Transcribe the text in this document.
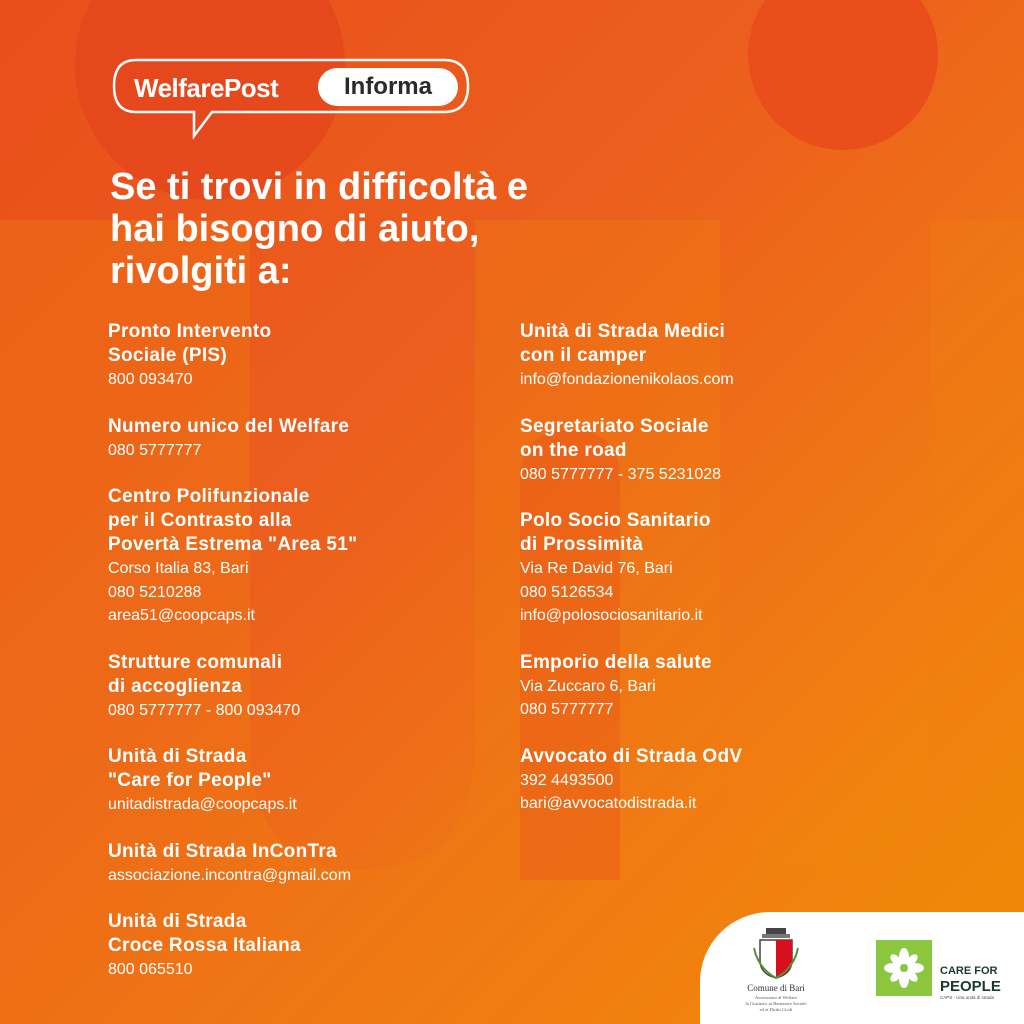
WelfarePost	Informa
Se ti trovi in difficoltà e
hai bisogno di aiuto,
rivolgiti a:
Pronto Intervento
Sociale (PIS)
800 093470
Numero unico del Welfare
080 5777777
Centro Polifunzionale
per il Contrasto alla
Povertà Estrema "Area 51"
Corso Italia 83, Bari
080 5210288
area51@coopcaps.it
Strutture comunali
di accoglienza
080 5777777 - 800 093470
Unità di Strada
"Care for People"
unitadistrada@coopcaps.it
Unità di Strada InConTra
associazione.incontra@gmail.com
Unità di Strada
Croce Rossa Italiana
800 065510
Unità di Strada Medici
con il camper
info@fondazionenikolaos.com
Segretariato Sociale
on the road
080 5777777 - 375 5231028
Polo Socio Sanitario
di Prossimità
Via Re David 76, Bari
080 5126534
info@polosociosanitario.it
Emporio della salute
Via Zuccaro 6, Bari
080 5777777
Avvocato di Strada OdV
392 4493500
bari@avvocatodistrada.it
Comune di Bari
Assessorato al Welfare
la Giustizia, ai Benessere Sociale
ed ai Diritti Civili
CARE FOR
PEOPLE
CAPS · Una unità di strada
